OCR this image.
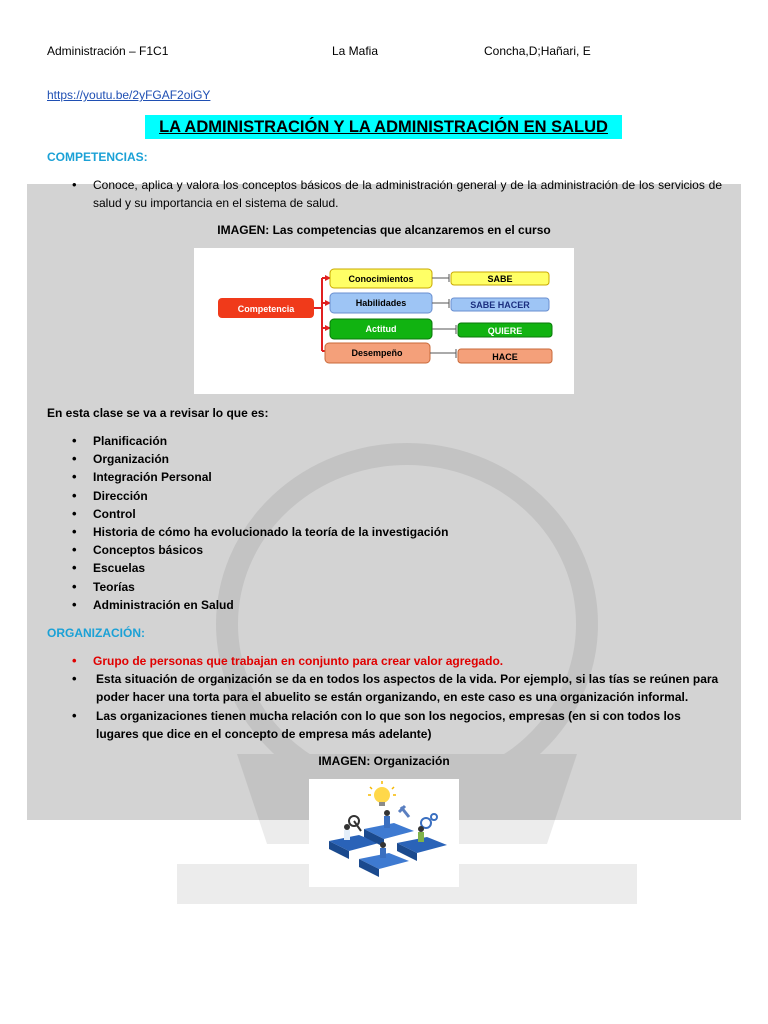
Administración – F1C1	La Mafia	Concha,D;Hañari, E
https://youtu.be/2yFGAF2oiGY
LA ADMINISTRACIÓN Y LA ADMINISTRACIÓN EN SALUD
COMPETENCIAS:
• Conoce, aplica y valora los conceptos básicos de la administración general y de la administración de los servicios de salud y su importancia en el sistema de salud.
IMAGEN: Las competencias que alcanzaremos en el curso
Competencia
Conocimientos	SABE
Habilidades	SABE HACER
Actitud	QUIERE
Desempeño	HACE
En esta clase se va a revisar lo que es:
• Planificación
• Organización
• Integración Personal
• Dirección
• Control
• Historia de cómo ha evolucionado la teoría de la investigación
• Conceptos básicos
• Escuelas
• Teorías
• Administración en Salud
ORGANIZACIÓN:
• Grupo de personas que trabajan en conjunto para crear valor agregado.
• Esta situación de organización se da en todos los aspectos de la vida. Por ejemplo, si las tías se reúnen para poder hacer una torta para el abuelito se están organizando, en este caso es una organización informal.
• Las organizaciones tienen mucha relación con lo que son los negocios, empresas (en si con todos los lugares que dice en el concepto de empresa más adelante)
IMAGEN: Organización
